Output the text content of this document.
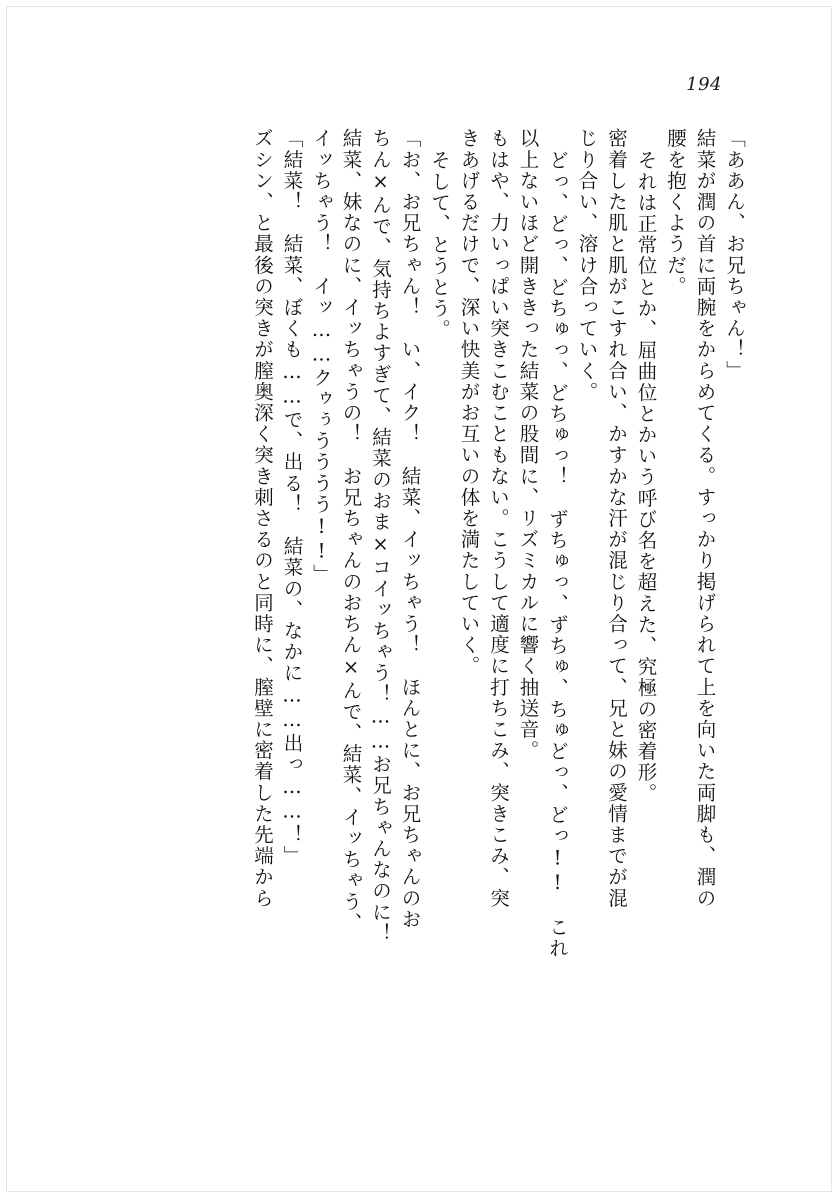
194
「ああん、お兄ちゃん！」
結菜が潤の首に両腕をからめてくる。すっかり掲げられて上を向いた両脚も、潤の
腰を抱くようだ。
それは正常位とか、屈曲位とかいう呼び名を超えた、究極の密着形。
密着した肌と肌がこすれ合い、かすかな汗が混じり合って、兄と妹の愛情までが混
じり合い、溶け合っていく。
どっ、どっ、どちゅっ、どちゅっ！　ずちゅっ、ずちゅ、ちゅどっ、どっ!!　これ
以上ないほど開ききった結菜の股間に、リズミカルに響く抽送音。
もはや、力いっぱい突きこむこともない。こうして適度に打ちこみ、突きこみ、突
きあげるだけで、深い快美がお互いの体を満たしていく。
そして、とうとう。
「お、お兄ちゃん！　い、イク！　結菜、イッちゃう！　ほんとに、お兄ちゃんのお
ちん×んで、気持ちよすぎて、結菜のおま×コイッちゃう！……お兄ちゃんなのに！
結菜、妹なのに、イッちゃうの！　お兄ちゃんのおちん×んで、結菜、イッちゃう、
イッちゃう！　イッ……クゥぅうううう!!」
「結菜！　結菜、ぼくも……で、出る！　結菜の、なかに……出っ……！」
ズシン、と最後の突きが膣奥深く突き刺さるのと同時に、膣壁に密着した先端から
